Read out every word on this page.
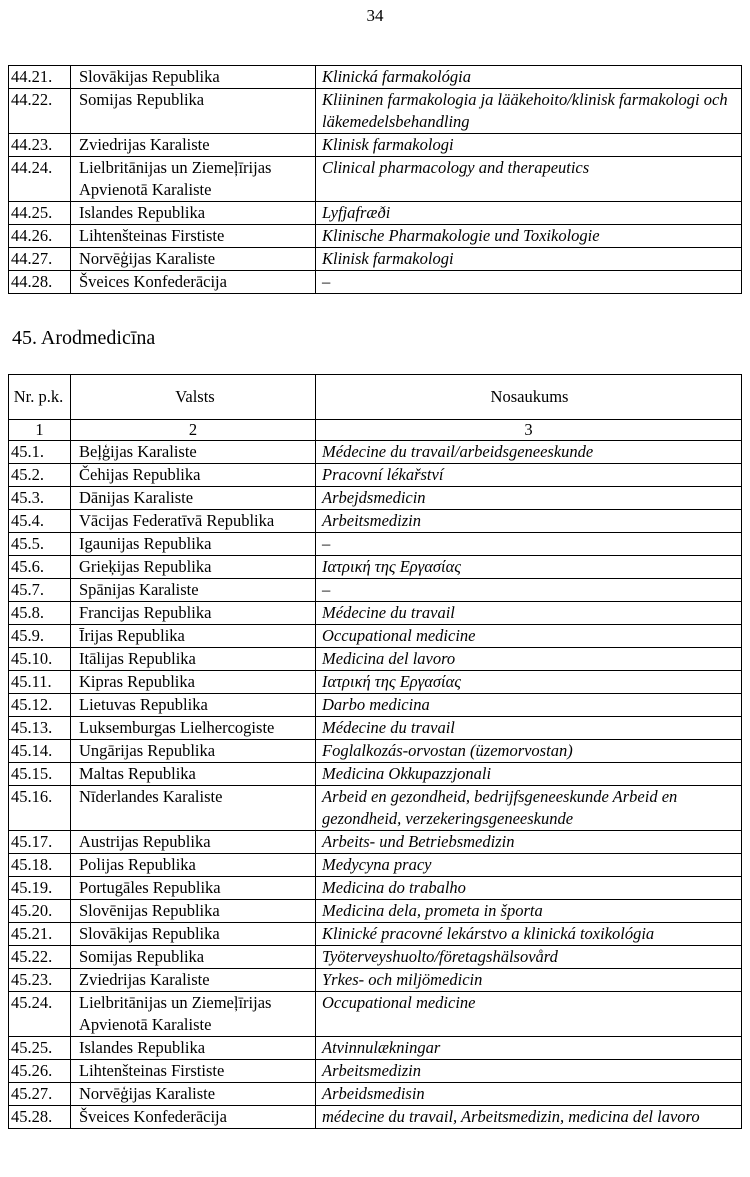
34
44.21.	Slovākijas Republika	Klinická farmakológia
44.22.	Somijas Republika	Kliininen farmakologia ja lääkehoito/klinisk farmakologi och läkemedelsbehandling
44.23.	Zviedrijas Karaliste	Klinisk farmakologi
44.24.	Lielbritānijas un Ziemeļīrijas Apvienotā Karaliste	Clinical pharmacology and therapeutics
44.25.	Islandes Republika	Lyfjafræði
44.26.	Lihtenšteinas Firstiste	Klinische Pharmakologie und Toxikologie
44.27.	Norvēģijas Karaliste	Klinisk farmakologi
44.28.	Šveices Konfederācija	–
45. Arodmedicīna
Nr. p.k.	Valsts	Nosaukums
1	2	3
45.1.	Beļģijas Karaliste	Médecine du travail/arbeidsgeneeskunde
45.2.	Čehijas Republika	Pracovní lékařství
45.3.	Dānijas Karaliste	Arbejdsmedicin
45.4.	Vācijas Federatīvā Republika	Arbeitsmedizin
45.5.	Igaunijas Republika	–
45.6.	Grieķijas Republika	Ιατρική της Εργασίας
45.7.	Spānijas Karaliste	–
45.8.	Francijas Republika	Médecine du travail
45.9.	Īrijas Republika	Occupational medicine
45.10.	Itālijas Republika	Medicina del lavoro
45.11.	Kipras Republika	Ιατρική της Εργασίας
45.12.	Lietuvas Republika	Darbo medicina
45.13.	Luksemburgas Lielhercogiste	Médecine du travail
45.14.	Ungārijas Republika	Foglalkozás-orvostan (üzemorvostan)
45.15.	Maltas Republika	Medicina Okkupazzjonali
45.16.	Nīderlandes Karaliste	Arbeid en gezondheid, bedrijfsgeneeskunde Arbeid en gezondheid, verzekeringsgeneeskunde
45.17.	Austrijas Republika	Arbeits- und Betriebsmedizin
45.18.	Polijas Republika	Medycyna pracy
45.19.	Portugāles Republika	Medicina do trabalho
45.20.	Slovēnijas Republika	Medicina dela, prometa in športa
45.21.	Slovākijas Republika	Klinické pracovné lekárstvo a klinická toxikológia
45.22.	Somijas Republika	Työterveyshuolto/företagshälsovård
45.23.	Zviedrijas Karaliste	Yrkes- och miljömedicin
45.24.	Lielbritānijas un Ziemeļīrijas Apvienotā Karaliste	Occupational medicine
45.25.	Islandes Republika	Atvinnulækningar
45.26.	Lihtenšteinas Firstiste	Arbeitsmedizin
45.27.	Norvēģijas Karaliste	Arbeidsmedisin
45.28.	Šveices Konfederācija	médecine du travail, Arbeitsmedizin, medicina del lavoro
